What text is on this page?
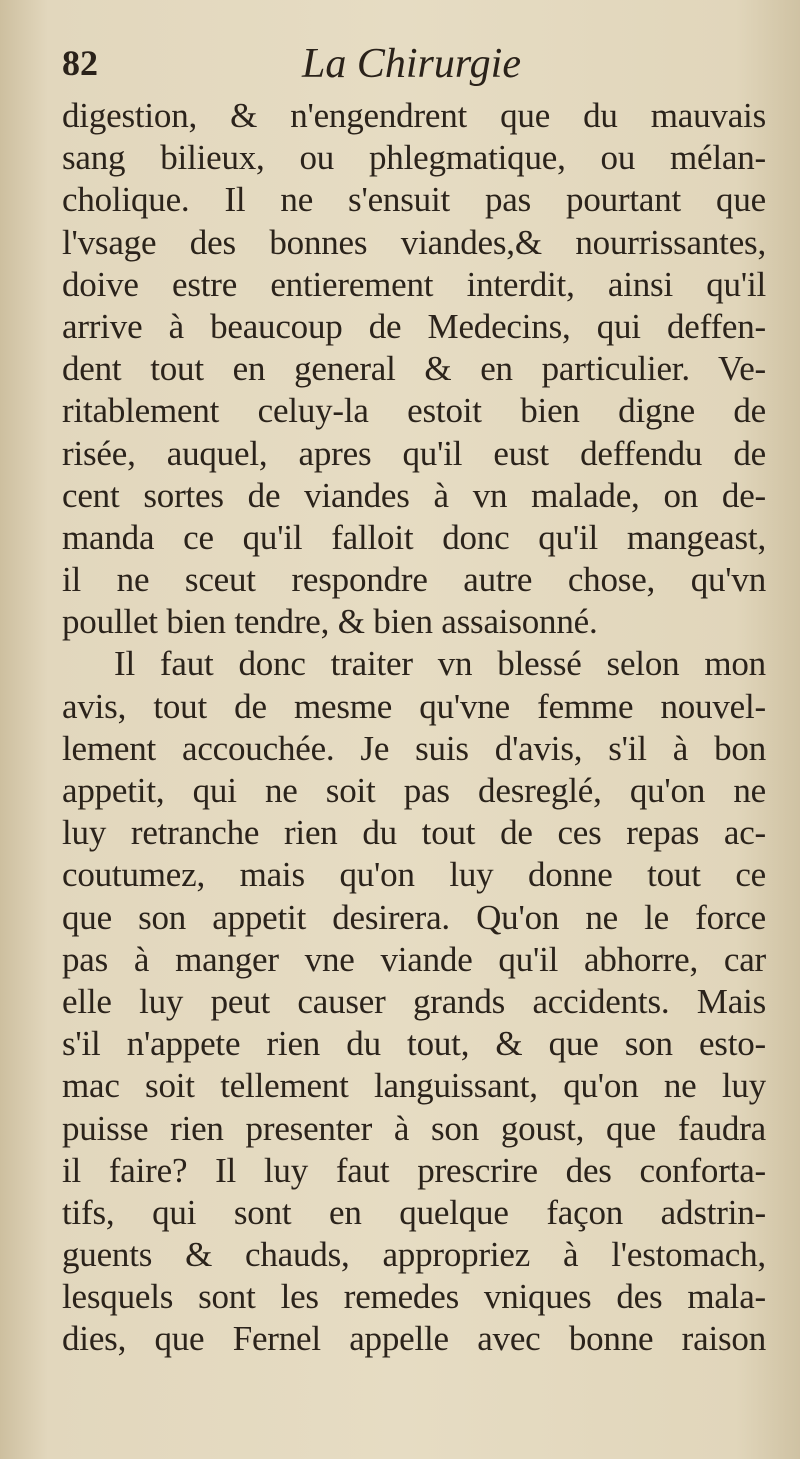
82	La Chirurgie
digestion, & n'engendrent que du mauvais
sang bilieux, ou phlegmatique, ou mélan-
cholique. Il ne s'ensuit pas pourtant que
l'vsage des bonnes viandes,& nourrissantes,
doive estre entierement interdit, ainsi qu'il
arrive à beaucoup de Medecins, qui deffen-
dent tout en general & en particulier. Ve-
ritablement celuy-la estoit bien digne de
risée, auquel, apres qu'il eust deffendu de
cent sortes de viandes à vn malade, on de-
manda ce qu'il falloit donc qu'il mangeast,
il ne sceut respondre autre chose, qu'vn
poullet bien tendre, & bien assaisonné.
Il faut donc traiter vn blessé selon mon
avis, tout de mesme qu'vne femme nouvel-
lement accouchée. Je suis d'avis, s'il à bon
appetit, qui ne soit pas desreglé, qu'on ne
luy retranche rien du tout de ces repas ac-
coutumez, mais qu'on luy donne tout ce
que son appetit desirera. Qu'on ne le force
pas à manger vne viande qu'il abhorre, car
elle luy peut causer grands accidents. Mais
s'il n'appete rien du tout, & que son esto-
mac soit tellement languissant, qu'on ne luy
puisse rien presenter à son goust, que faudra
il faire? Il luy faut prescrire des conforta-
tifs, qui sont en quelque façon adstrin-
guents & chauds, appropriez à l'estomach,
lesquels sont les remedes vniques des mala-
dies, que Fernel appelle avec bonne raison
